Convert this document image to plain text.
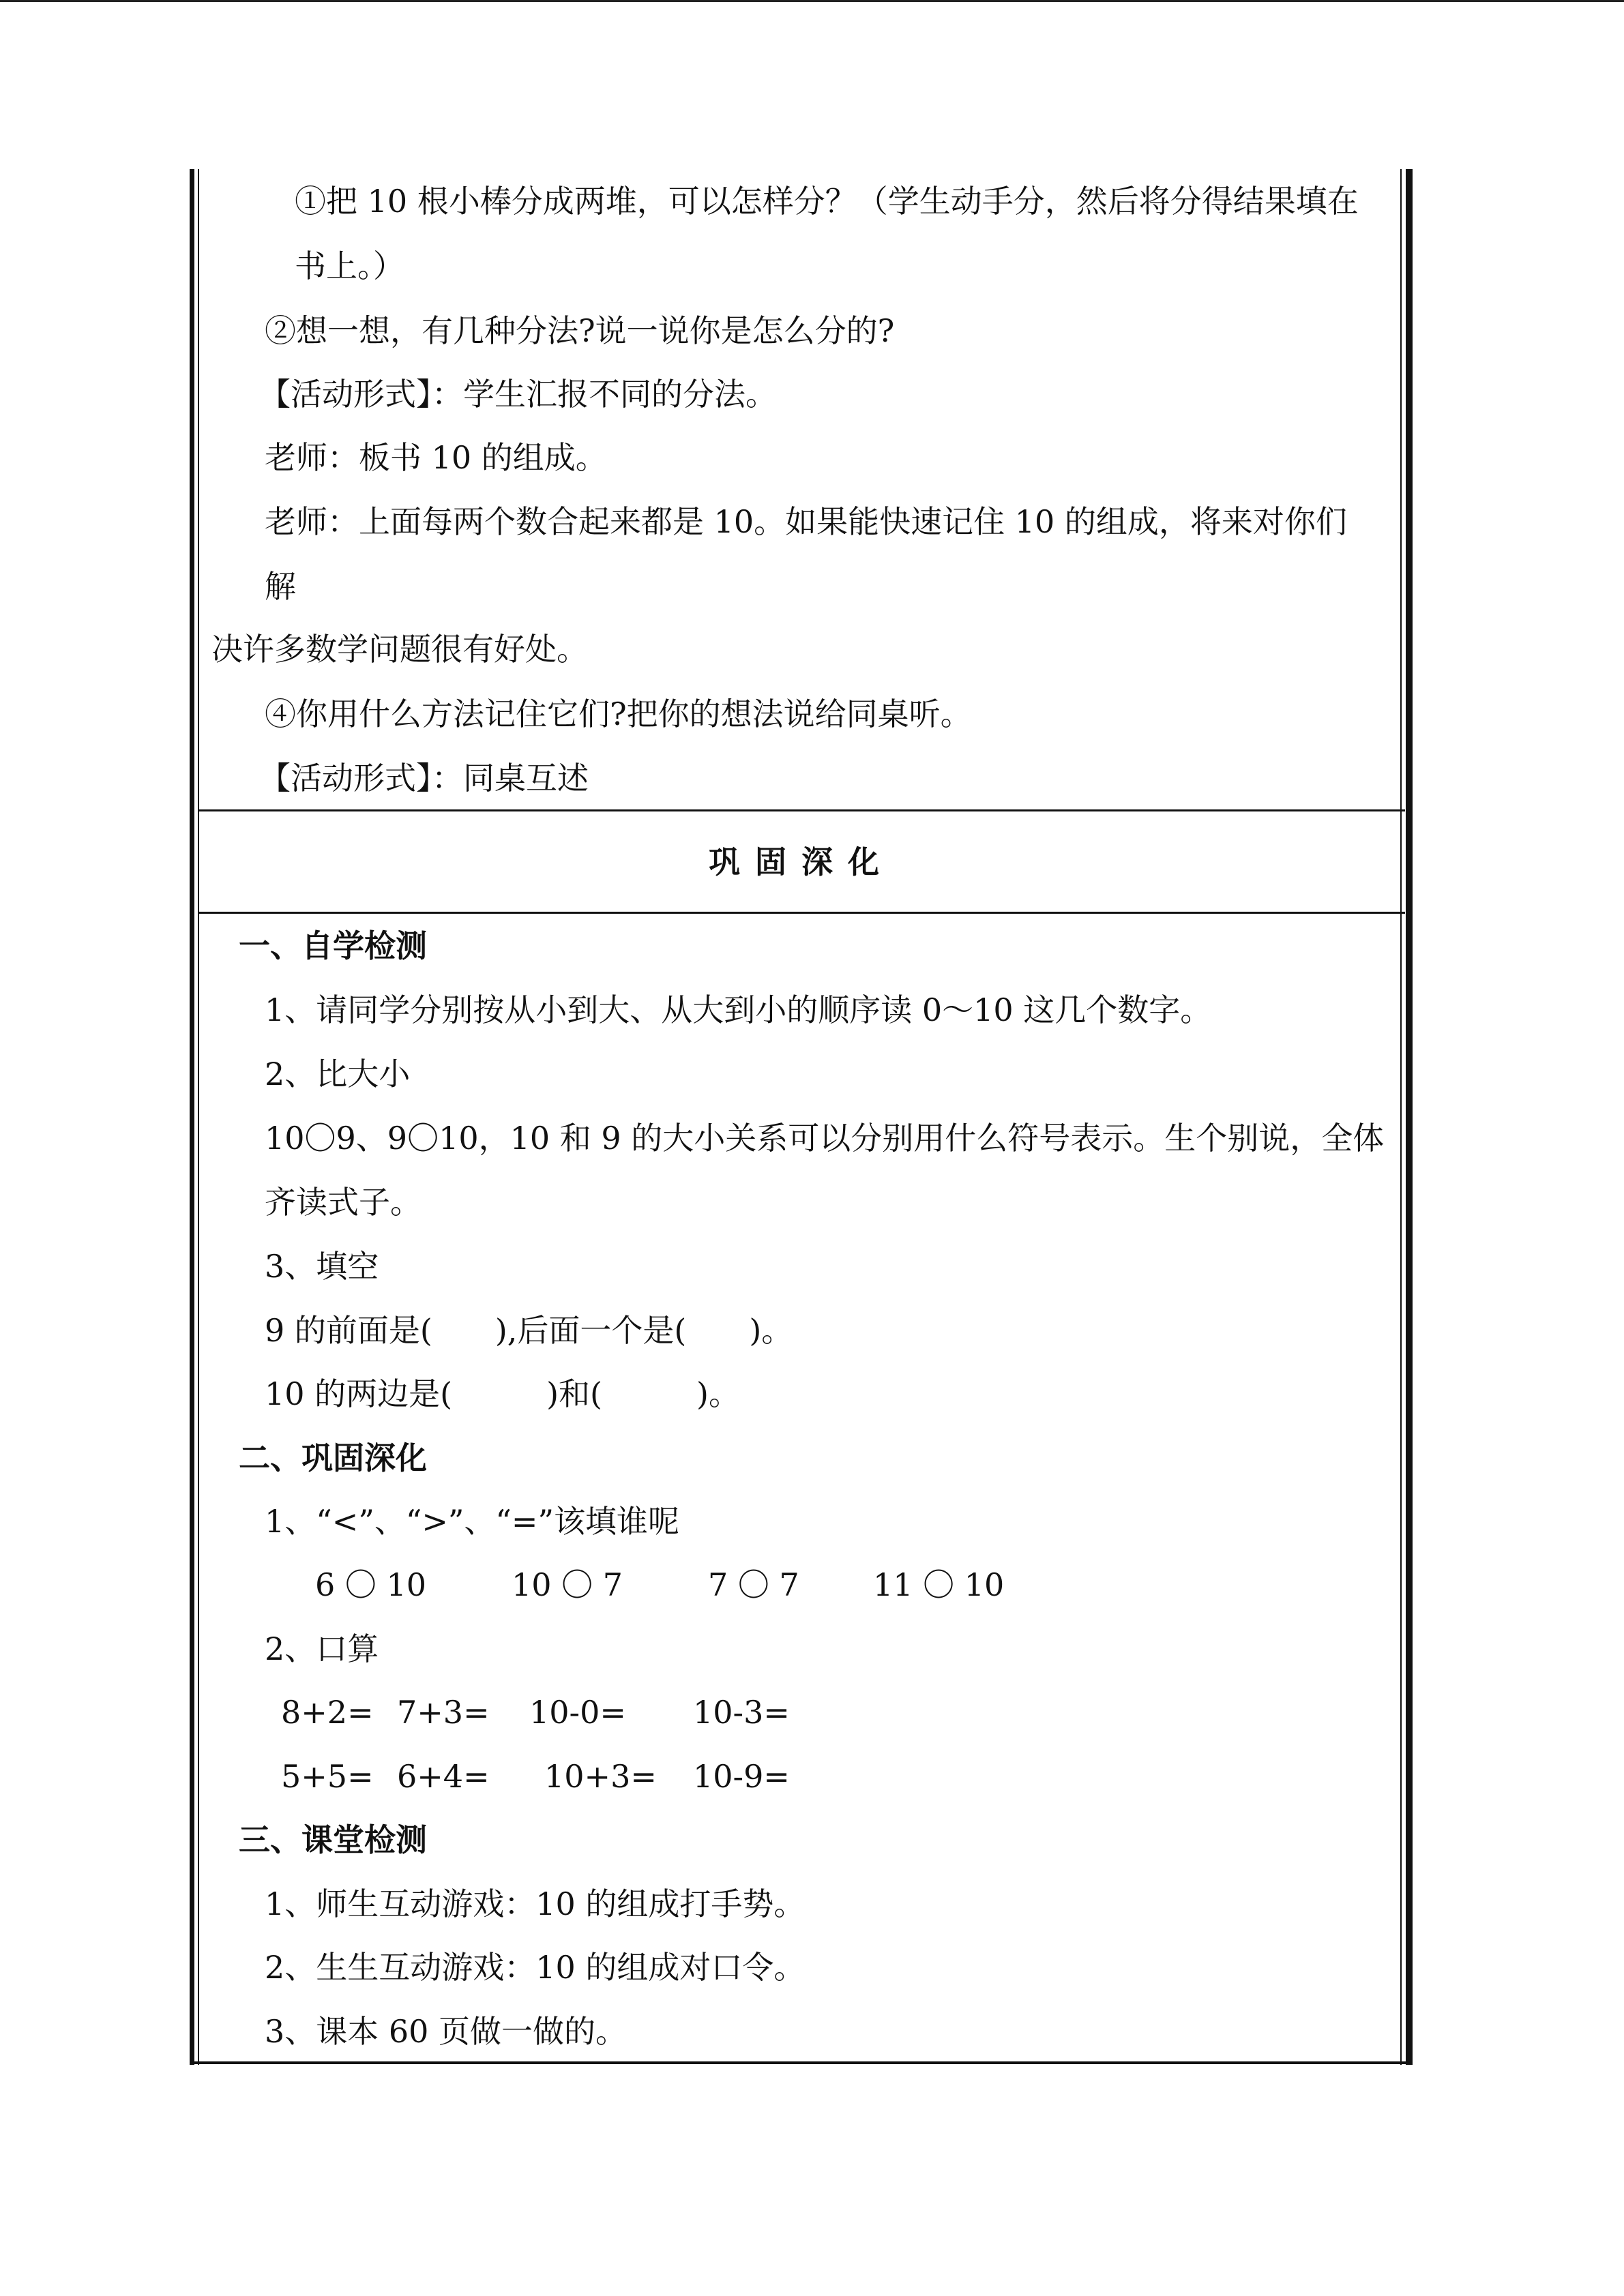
①把 10 根小棒分成两堆，可以怎样分？（学生动手分，然后将分得结果填在
书上。）
②想一想，有几种分法?说一说你是怎么分的?
【活动形式】：学生汇报不同的分法。
老师：板书 10 的组成。
老师：上面每两个数合起来都是 10。如果能快速记住 10 的组成，将来对你们
解
决许多数学问题很有好处。
④你用什么方法记住它们?把你的想法说给同桌听。
【活动形式】：同桌互述
巩固深化
一、自学检测
1、请同学分别按从小到大、从大到小的顺序读 0～10 这几个数字。
2、比大小
10〇9、9〇10，10 和 9 的大小关系可以分别用什么符号表示。生个别说，全体
齐读式子。
3、填空
9 的前面是(　　),后面一个是(　　)。
10 的两边是(　　　)和(　　　)。
二、巩固深化
1、“<”、“>”、“=”该填谁呢
6 〇 10	10 〇 7	7 〇 7 11 〇 10
2、口算
8+2= 7+3= 10-0= 10-3=
5+5= 6+4= 10+3= 10-9=
三、课堂检测
1、师生互动游戏：10 的组成打手势。
2、生生互动游戏：10 的组成对口令。
3、课本 60 页做一做的。
